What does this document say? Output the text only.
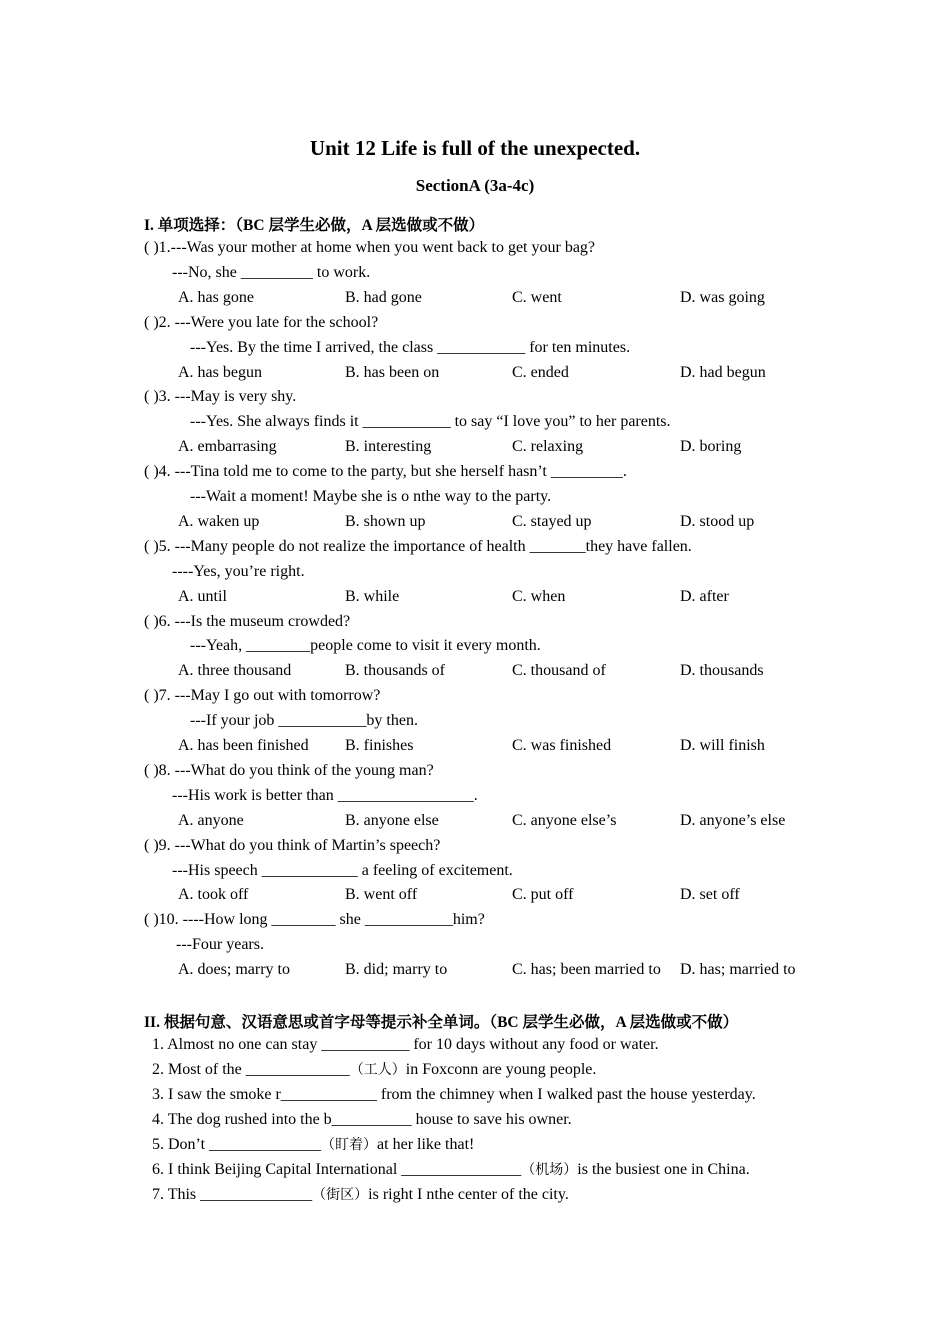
Unit 12 Life is full of the unexpected.
SectionA (3a-4c)
I. 单项选择：（BC 层学生必做，A 层选做或不做）
( )1.---Was your mother at home when you went back to get your bag?
---No, she _________ to work.
A. has gone	B. had gone	C. went	D. was going
( )2. ---Were you late for the school?
---Yes. By the time I arrived, the class ___________ for ten minutes.
A. has begun	B. has been on	C. ended	D. had begun
( )3. ---May is very shy.
---Yes. She always finds it ___________ to say “I love you” to her parents.
A. embarrasing	B. interesting	C. relaxing	D. boring
( )4. ---Tina told me to come to the party, but she herself hasn’t _________.
---Wait a moment! Maybe she is o nthe way to the party.
A. waken up	B. shown up	C. stayed up	D. stood up
( )5. ---Many people do not realize the importance of health _______they have fallen.
----Yes, you’re right.
A. until	B. while	C. when	D. after
( )6. ---Is the museum crowded?
---Yeah, ________people come to visit it every month.
A. three thousand	B. thousands of	C. thousand of	D. thousands
( )7. ---May I go out with tomorrow?
---If your job ___________by then.
A. has been finished B. finishes	C. was finished	D. will finish
( )8. ---What do you think of the young man?
---His work is better than _________________.
A. anyone	B. anyone else	C. anyone else’s	D. anyone’s else
( )9. ---What do you think of Martin’s speech?
---His speech ____________ a feeling of excitement.
A. took off	B. went off	C. put off	D. set off
( )10. ----How long ________ she ___________him?
---Four years.
A. does; marry to	B. did; marry to	C. has; been married to D. has; married to
II. 根据句意、汉语意思或首字母等提示补全单词。（BC 层学生必做，A 层选做或不做）
1. Almost no one can stay ___________ for 10 days without any food or water.
2. Most of the _____________（工人）in Foxconn are young people.
3. I saw the smoke r____________ from the chimney when I walked past the house yesterday.
4. The dog rushed into the b__________ house to save his owner.
5. Don’t ______________（盯着）at her like that!
6. I think Beijing Capital International _______________（机场）is the busiest one in China.
7. This ______________（街区）is right I nthe center of the city.
